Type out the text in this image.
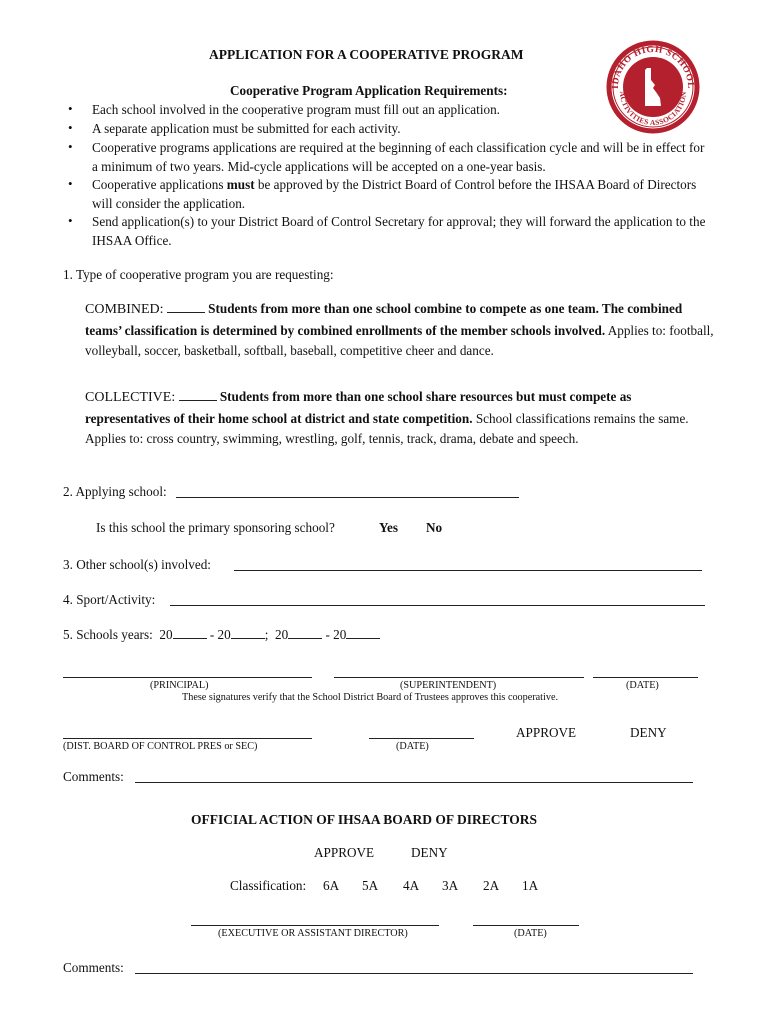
APPLICATION FOR A COOPERATIVE PROGRAM
Cooperative Program Application Requirements:	IDAHO HIGH SCHOOL
ACTIVITIES ASSOCIATION
• Each school involved in the cooperative program must fill out an application.
• A separate application must be submitted for each activity.
• Cooperative programs applications are required at the beginning of each classification cycle and will be in effect for a minimum of two years. Mid-cycle applications will be accepted on a one-year basis.
• Cooperative applications must be approved by the District Board of Control before the IHSAA Board of Directors will consider the application.
• Send application(s) to your District Board of Control Secretary for approval; they will forward the application to the IHSAA Office.
1. Type of cooperative program you are requesting:
COMBINED:	Students from more than one school combine to compete as one team. The combined teams’ classification is determined by combined enrollments of the member schools involved. Applies to: football, volleyball, soccer, basketball, softball, baseball, competitive cheer and dance.
COLLECTIVE:	Students from more than one school share resources but must compete as representatives of their home school at district and state competition. School classifications remains the same. Applies to: cross country, swimming, wrestling, golf, tennis, track, drama, debate and speech.
2. Applying school:
Is this school the primary sponsoring school?	Yes No
3. Other school(s) involved:
4. Sport/Activity:
5. Schools years: 20	- 20	; 20	- 20
(PRINCIPAL)	(SUPERINTENDENT)	(DATE)
These signatures verify that the School District Board of Trustees approves this cooperative.
APPROVE	DENY
(DIST. BOARD OF CONTROL PRES or SEC)	(DATE)
Comments:
OFFICIAL ACTION OF IHSAA BOARD OF DIRECTORS
APPROVE	DENY
Classification: 6A 5A 4A 3A 2A 1A
(EXECUTIVE OR ASSISTANT DIRECTOR)	(DATE)
Comments:
